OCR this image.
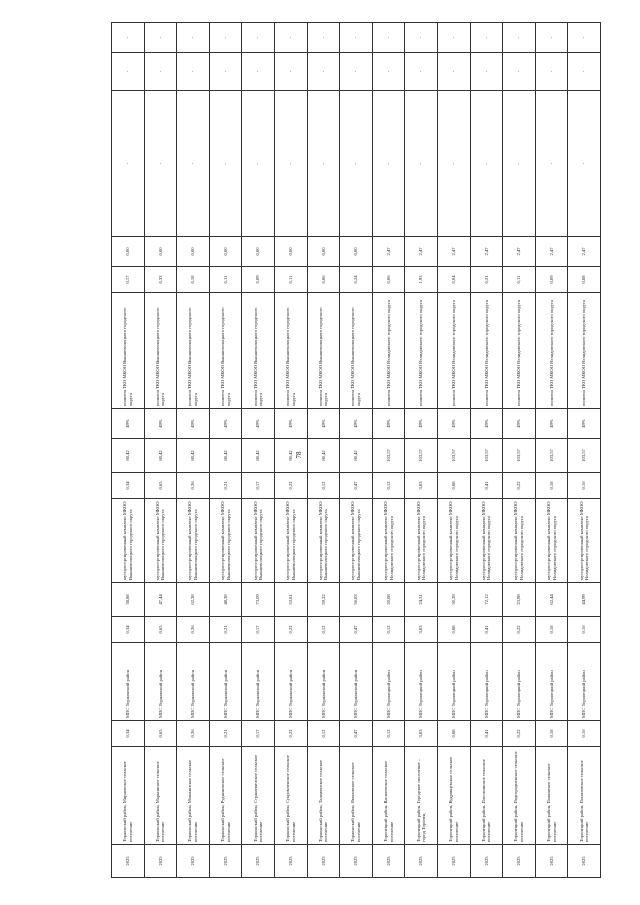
78
2025	Торжокский район, Мирновское сельское поселение	0,34	МПС Торжокский район	0,34	38,88	мусоросортировочный комплекс МКОО Вышневолоцкого городского округа	0,34	80,42	49%	полигон ТКО МКОО Вышневолоцкого городского округа	0,17	0,00	-	-	-
2025	Торжокский район, Марьинское сельское поселение	0,65	МПС Торжокский район	0,65	47,44	мусоросортировочный комплекс МКОО Вышневолоцкого городского округа	0,65	80,42	49%	полигон ТКО МКОО Вышневолоцкого городского округа	0,33	0,00	-	-	-
2025	Торжокский район, Мошкинское сельское поселение	0,36	МПС Торжокский район	0,36	62,38	мусоросортировочный комплекс МКОО Вышневолоцкого городского округа	0,36	80,42	49%	полигон ТКО МКОО Вышневолоцкого городского округа	0,18	0,00	-	-	-
2025	Торжокский район, Рудниковское сельское поселение	0,21	МПС Торжокский район	0,21	48,38	мусоросортировочный комплекс МКОО Вышневолоцкого городского округа	0,21	80,42	49%	полигон ТКО МКОО Вышневолоцкого городского округа	0,11	0,00	-	-	-
2025	Торжокский район, Страшевичское сельское поселение	0,17	МПС Торжокский район	0,17	73,09	мусоросортировочный комплекс МКОО Вышневолоцкого городского округа	0,17	80,42	49%	полигон ТКО МКОО Вышневолоцкого городского округа	0,09	0,00	-	-	-
2025	Торжокский район, Сукромленское сельское поселение	0,22	МПС Торжокский район	0,22	53,81	мусоросортировочный комплекс МКОО Вышневолоцкого городского округа	0,22	80,42	49%	полигон ТКО МКОО Вышневолоцкого городского округа	0,11	0,00	-	-	-
2025	Торжокский район, Таложенское сельское поселение	0,12	МПС Торжокский район	0,12	59,22	мусоросортировочный комплекс МКОО Вышневолоцкого городского округа	0,12	80,42	49%	полигон ТКО МКОО Вышневолоцкого городского округа	0,06	0,00	-	-	-
2025	Торжокский район, Яконовское сельское поселение	0,47	МПС Торжокский район	0,47	56,83	мусоросортировочный комплекс МКОО Вышневолоцкого городского округа	0,47	80,42	49%	полигон ТКО МКОО Вышневолоцкого городского округа	0,24	0,00	-	-	-
2025	Торопецкий район, Василевское сельское поселение	0,12	МПС Торопецкий район	0,12	20,08	мусоросортировочный комплекс МКОО Нелидовского городского округа	0,12	103,57	49%	полигон ТКО МКОО Нелидовского городского округа	0,06	2,47	-	-	-
2025	Торопецкий район, Городское поселение – город Торопец	3,83	МПС Торопецкий район	3,83	24,31	мусоросортировочный комплекс МКОО Нелидовского городского округа	3,83	103,57	49%	полигон ТКО МКОО Нелидовского городского округа	1,93	2,47	-	-	-
2025	Торопецкий район, Кудрявцевское сельское поселение	0,08	МПС Торопецкий район	0,08	50,28	мусоросортировочный комплекс МКОО Нелидовского городского округа	0,08	103,57	49%	полигон ТКО МКОО Нелидовского городского округа	0,04	2,47	-	-	-
2025	Торопецкий район, Плоскошское сельское поселение	0,41	МПС Торопецкий район	0,41	72,12	мусоросортировочный комплекс МКОО Нелидовского городского округа	0,41	103,57	49%	полигон ТКО МКОО Нелидовского городского округа	0,21	2,47	-	-	-
2025	Торопецкий район, Подгородненское сельское поселение	0,22	МПС Торопецкий район	0,22	23,98	мусоросортировочный комплекс МКОО Нелидовского городского округа	0,22	103,57	49%	полигон ТКО МКОО Нелидовского городского округа	0,11	2,47	-	-	-
2025	Торопецкий район, Пожинское сельское поселение	0,18	МПС Торопецкий район	0,18	62,44	мусоросортировочный комплекс МКОО Нелидовского городского округа	0,18	103,57	49%	полигон ТКО МКОО Нелидовского городского округа	0,09	2,47	-	-	-
2025	Торопецкий район, Понизовское сельское поселение	0,16	МПС Торопецкий район	0,16	44,99	мусоросортировочный комплекс МКОО Нелидовского городского округа	0,16	103,57	49%	полигон ТКО МКОО Нелидовского городского округа	0,08	2,47	-	-	-
